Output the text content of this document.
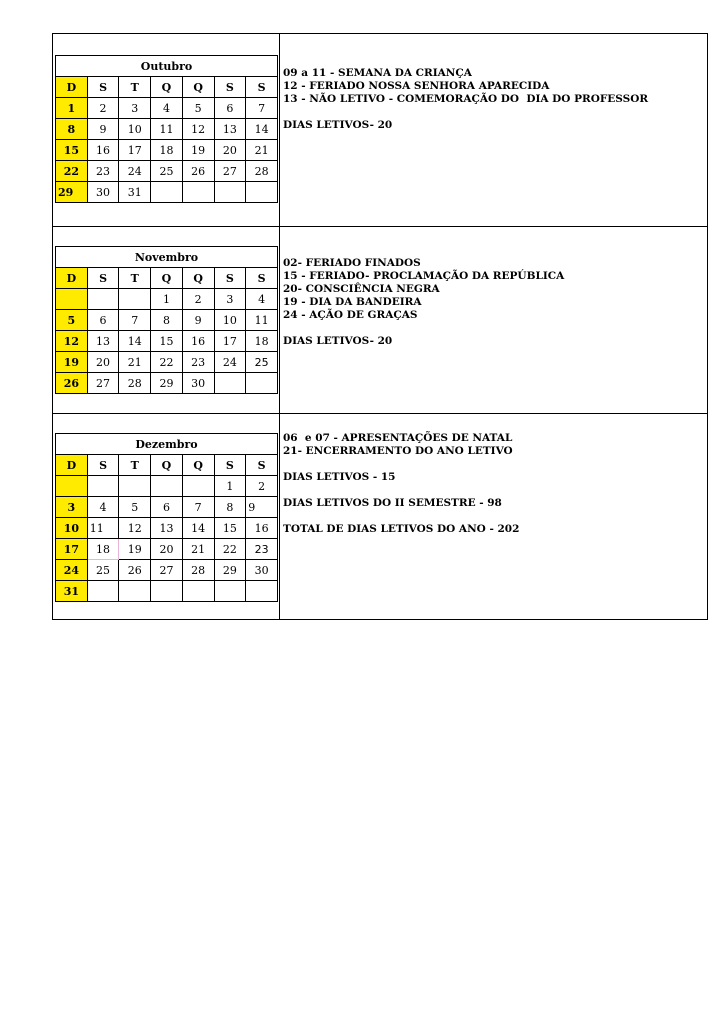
Outubro						
D	S	T	Q	Q	S	S
1	2	3	4	5	6	7
8	9	10	11	12	13	14
15	16	17	18	19	20	21
22	23	24	25	26	27	28
29	30	31				
09 a 11 - SEMANA DA CRIANÇA
12 - FERIADO NOSSA SENHORA APARECIDA
13 - NÃO LETIVO - COMEMORAÇÃO DO  DIA DO PROFESSOR
DIAS LETIVOS- 20
Novembro						
D	S	T	Q	Q	S	S
			1	2	3	4
5	6	7	8	9	10	11
12	13	14	15	16	17	18
19	20	21	22	23	24	25
26	27	28	29	30		
02- FERIADO FINADOS
15 - FERIADO- PROCLAMAÇÃO DA REPÚBLICA
20- CONSCIÊNCIA NEGRA
19 - DIA DA BANDEIRA
24 - AÇÃO DE GRAÇAS
DIAS LETIVOS- 20
Dezembro						
D	S	T	Q	Q	S	S
					1	2
3	4	5	6	7	8	9
10	11	12	13	14	15	16
17	18	19	20	21	22	23
24	25	26	27	28	29	30
31						
06  e 07 - APRESENTAÇÕES DE NATAL
21- ENCERRAMENTO DO ANO LETIVO
DIAS LETIVOS - 15
DIAS LETIVOS DO II SEMESTRE - 98
TOTAL DE DIAS LETIVOS DO ANO - 202
